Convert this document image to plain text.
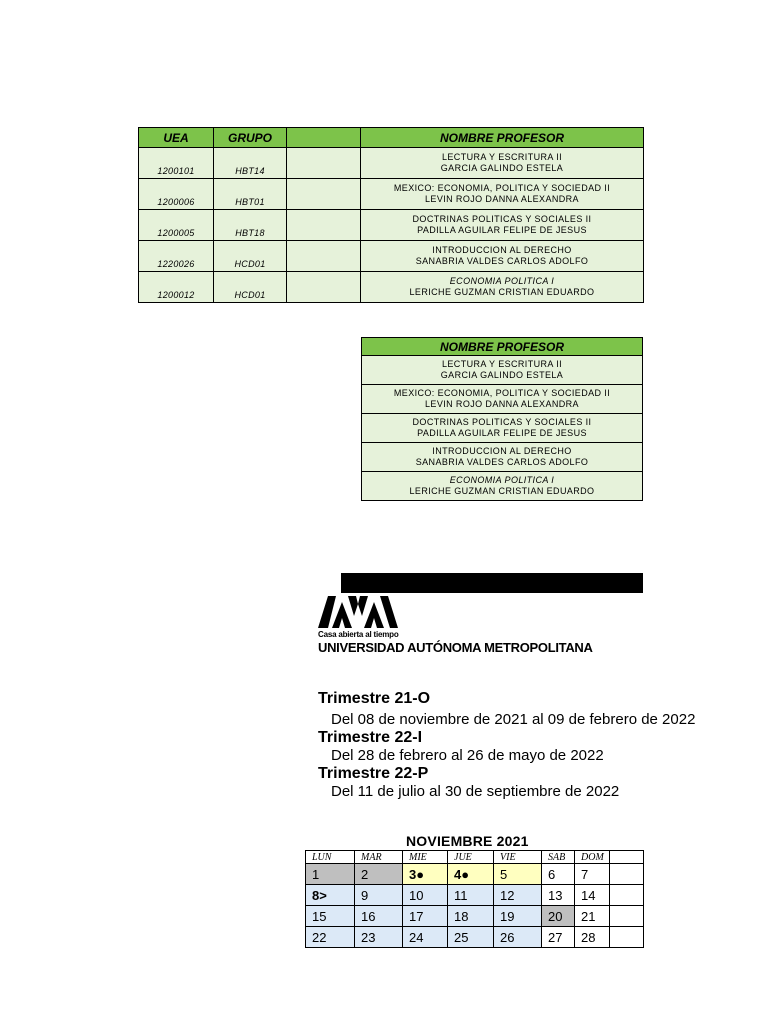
UEA	GRUPO		NOMBRE PROFESOR
1200101	HBT14		LECTURA Y ESCRITURA II
GARCIA GALINDO ESTELA

1200006	HBT01		MEXICO: ECONOMIA, POLITICA Y SOCIEDAD II
LEVIN ROJO DANNA ALEXANDRA

1200005	HBT18		DOCTRINAS POLITICAS Y SOCIALES II
PADILLA AGUILAR FELIPE DE JESUS

1220026	HCD01		INTRODUCCION AL DERECHO
SANABRIA VALDES CARLOS ADOLFO

1200012	HCD01		ECONOMIA POLITICA I
LERICHE GUZMAN CRISTIAN EDUARDO
NOMBRE PROFESOR

LECTURA Y ESCRITURA II
GARCIA GALINDO ESTELA

MEXICO: ECONOMIA, POLITICA Y SOCIEDAD II
LEVIN ROJO DANNA ALEXANDRA

DOCTRINAS POLITICAS Y SOCIALES II
PADILLA AGUILAR FELIPE DE JESUS

INTRODUCCION AL DERECHO
SANABRIA VALDES CARLOS ADOLFO

ECONOMIA POLITICA I
LERICHE GUZMAN CRISTIAN EDUARDO
Casa abierta al tiempo
UNIVERSIDAD AUTÓNOMA METROPOLITANA
Trimestre 21-O
Del 08 de noviembre de 2021 al 09 de febrero de 2022
Trimestre 22-I
Del 28 de febrero al 26 de mayo de 2022
Trimestre 22-P
Del 11 de julio al 30 de septiembre de 2022
NOVIEMBRE 2021
LUN	MAR	MIE	JUE	VIE	SAB	DOM	
1	2	3●	4●	5	6	7	
8>	9	10	11	12	13	14	
15	16	17	18	19	20	21	
22	23	24	25	26	27	28	
